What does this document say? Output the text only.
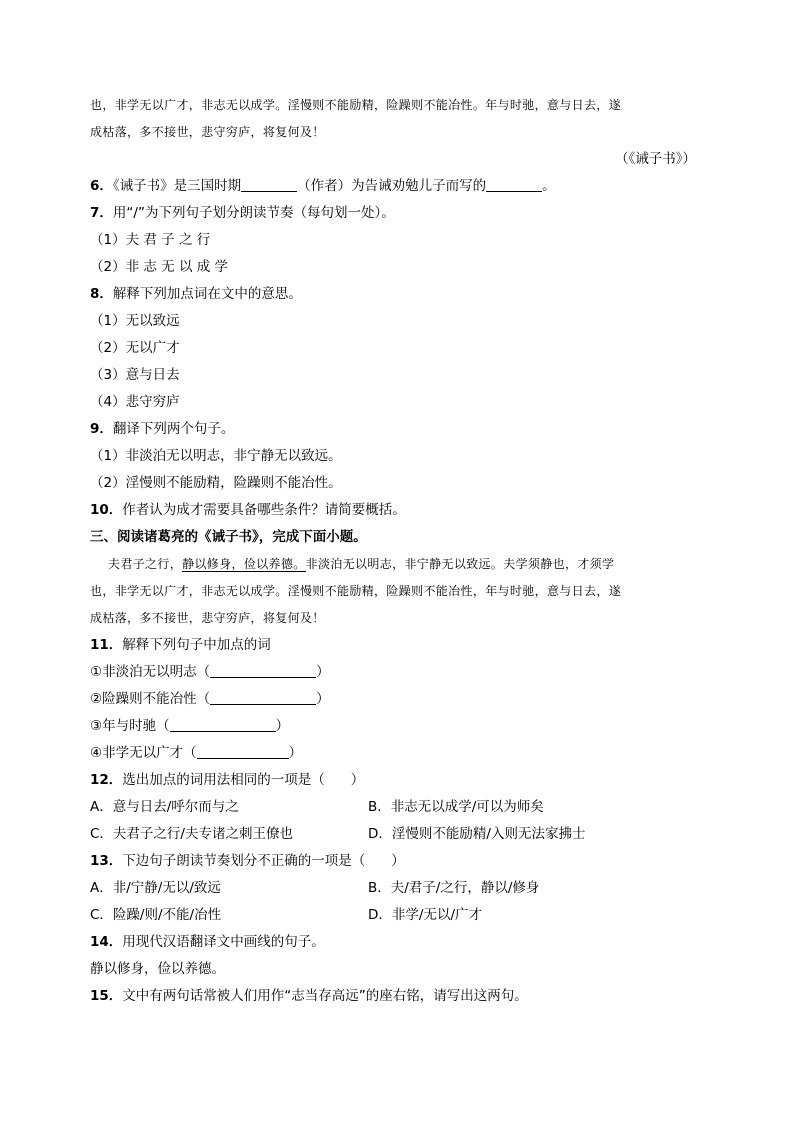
也，非学无以广才，非志无以成学。淫慢则不能励精，险躁则不能冶性。年与时驰，意与日去，遂
成枯落，多不接世，悲守穷庐，将复何及！
（《诫子书》）
6．《诫子书》是三国时期	（作者）为告诫劝勉儿子而写的	。
7．用“/”为下列句子划分朗读节奏（每句划一处）。
（1）夫 君 子 之 行
（2）非 志 无 以 成 学
8．解释下列加点词在文中的意思。
（1）无以致远
（2）无以广才
（3）意与日去
（4）悲守穷庐
9．翻译下列两个句子。
（1）非淡泊无以明志，非宁静无以致远。
（2）淫慢则不能励精，险躁则不能冶性。
10．作者认为成才需要具备哪些条件？请简要概括。
三、阅读诸葛亮的《诫子书》，完成下面小题。
夫君子之行，静以修身，俭以养德。非淡泊无以明志，非宁静无以致远。夫学须静也，才须学
也，非学无以广才，非志无以成学。淫慢则不能励精，险躁则不能冶性，年与时驰，意与日去，遂
成枯落，多不接世，悲守穷庐，将复何及！
11．解释下列句子中加点的词
①非淡泊无以明志（	）
②险躁则不能冶性（	）
③年与时驰（	）
④非学无以广才（	）
12．选出加点的词用法相同的一项是（ ）
A．意与日去/呼尔而与之	B．非志无以成学/可以为师矣
C．夫君子之行/夫专诸之刺王僚也	D．淫慢则不能励精/入则无法家拂士
13．下边句子朗读节奏划分不正确的一项是（ ）
A．非/宁静/无以/致远	B．夫/君子/之行，静以/修身
C．险躁/则/不能/冶性	D．非学/无以/广才
14．用现代汉语翻译文中画线的句子。
静以修身，俭以养德。
15．文中有两句话常被人们用作“志当存高远”的座右铭，请写出这两句。
